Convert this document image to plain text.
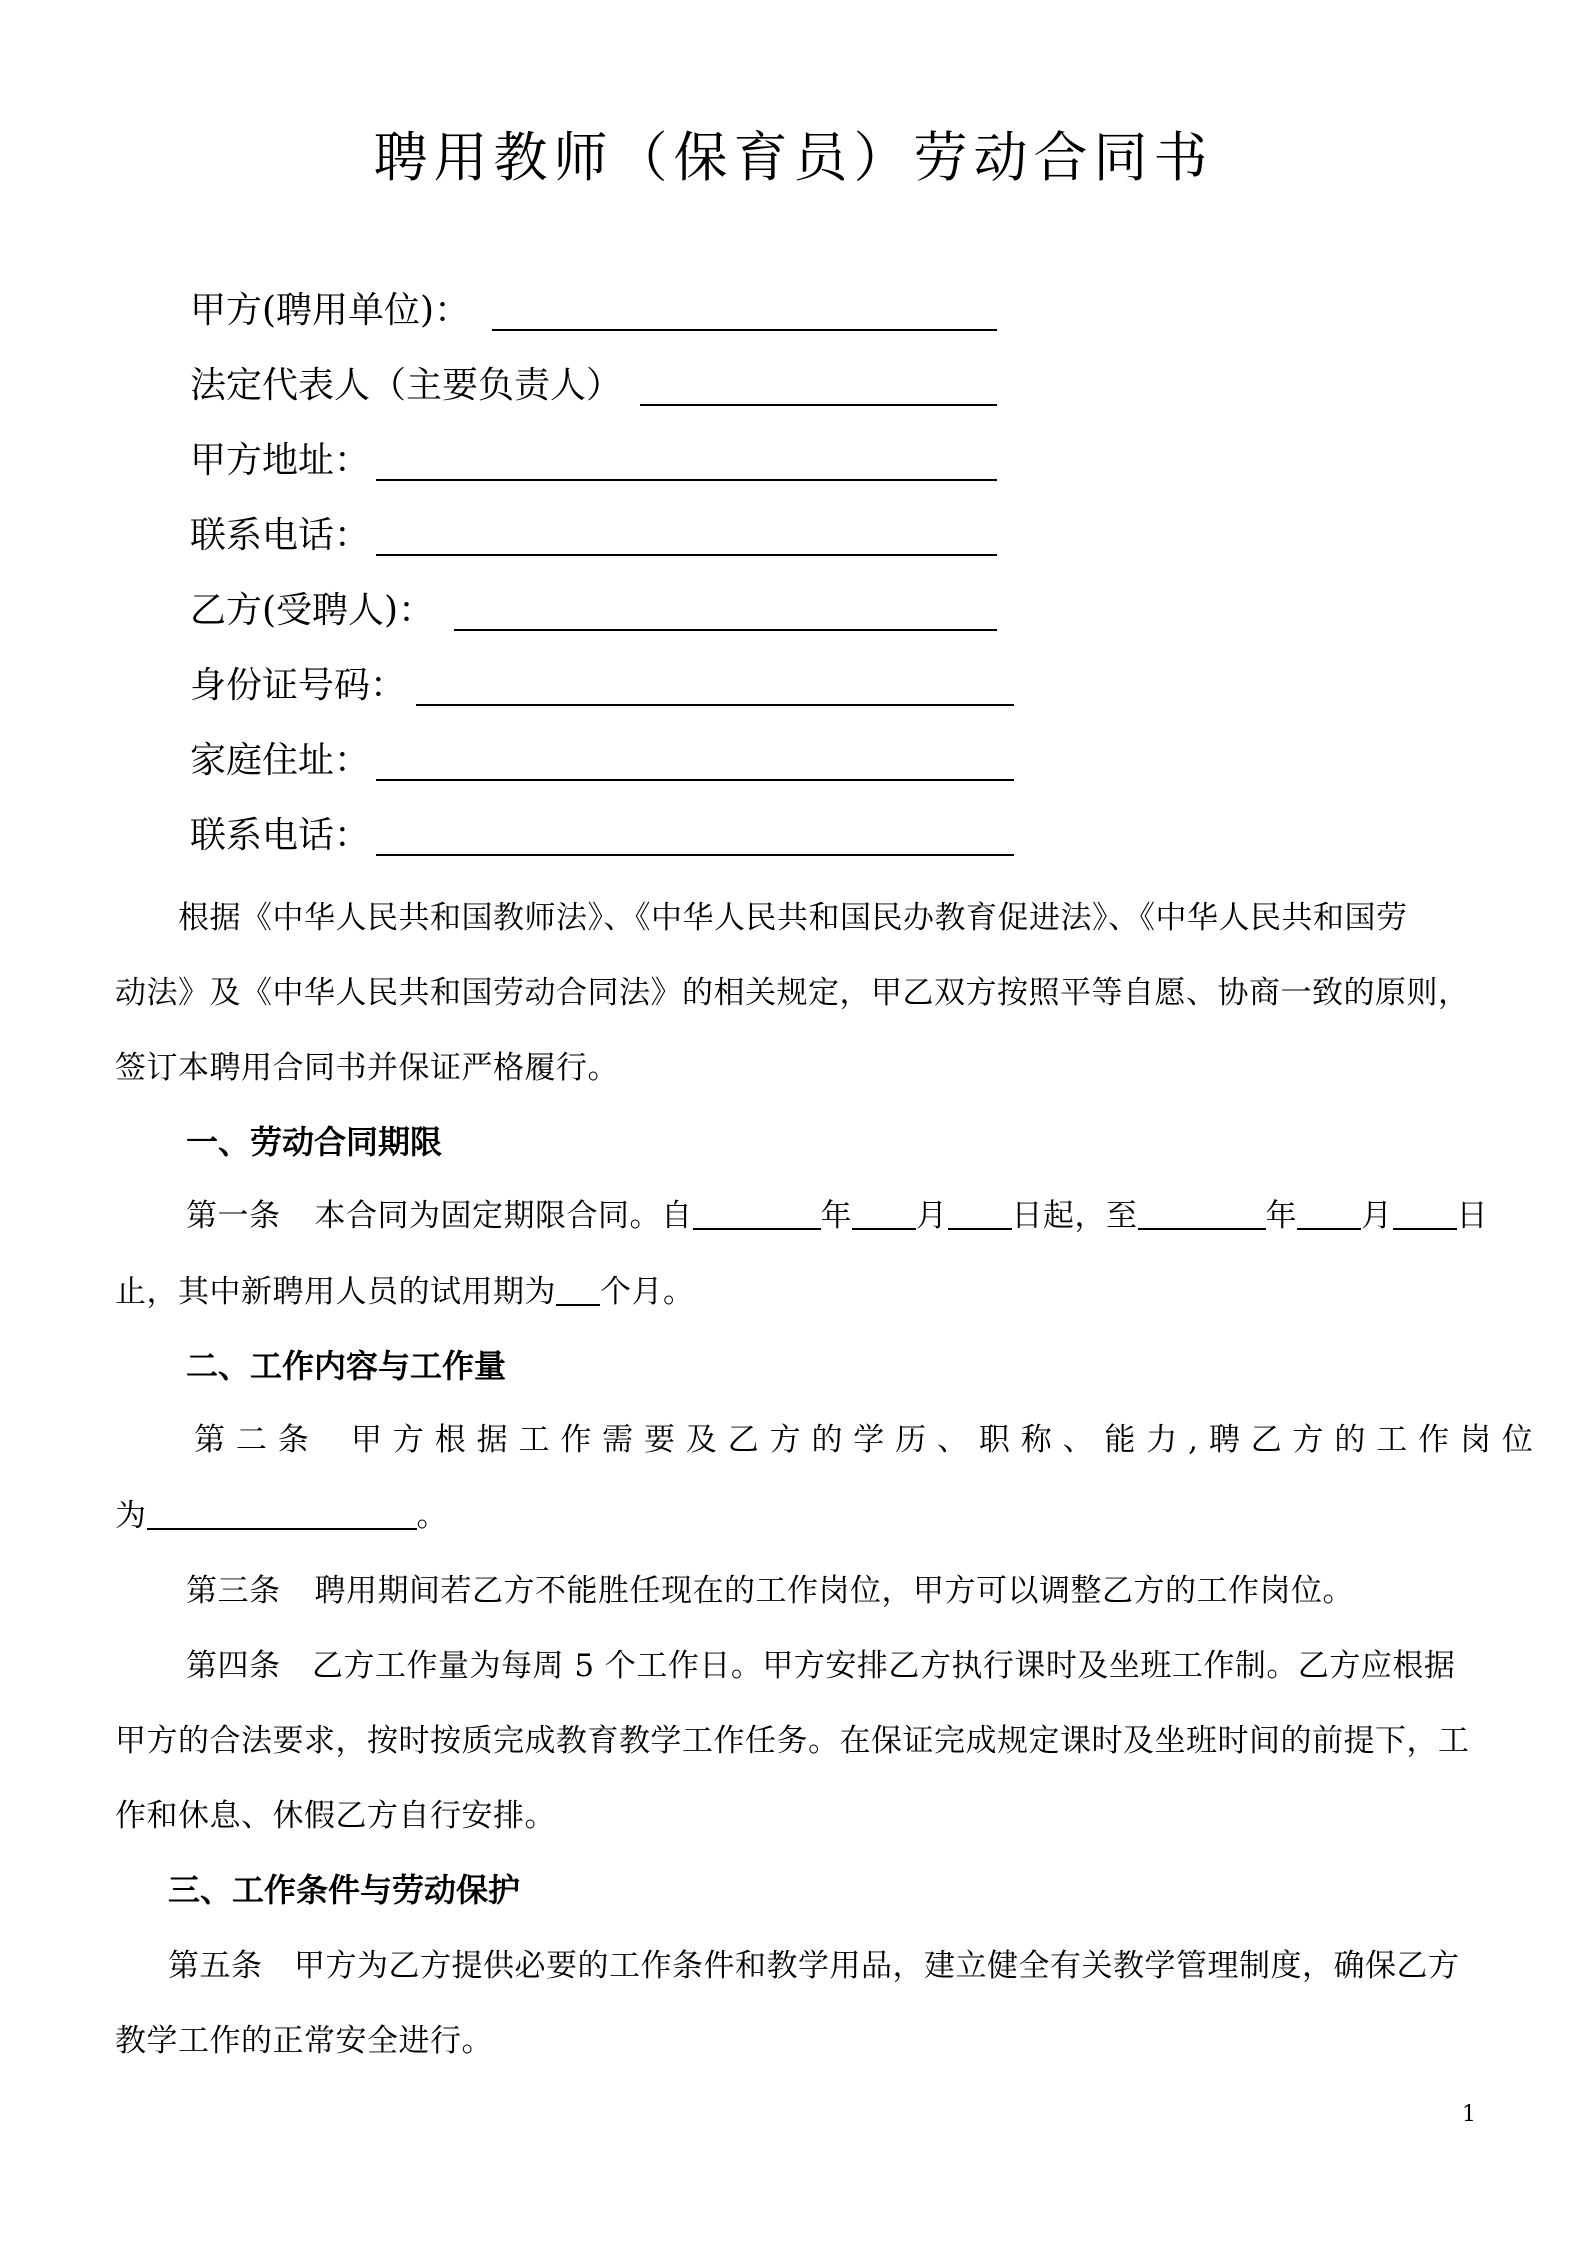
聘用教师（保育员）劳动合同书
甲方(聘用单位)：
法定代表人（主要负责人）
甲方地址：
联系电话：
乙方(受聘人)：
身份证号码：
家庭住址：
联系电话：
根据《中华人民共和国教师法》、《中华人民共和国民办教育促进法》、《中华人民共和国劳
动法》及《中华人民共和国劳动合同法》的相关规定，甲乙双方按照平等自愿、协商一致的原则，
签订本聘用合同书并保证严格履行。
一、劳动合同期限
第一条 本合同为固定期限合同。自	年 月 日起，至	年 月 日
止，其中新聘用人员的试用期为 个月。
二、工作内容与工作量
第 二 条　 甲 方 根 据 工 作 需 要 及 乙 方 的 学 历 、 职 称 、 能 力 , 聘 乙 方 的 工 作 岗 位
为	。
第三条 聘用期间若乙方不能胜任现在的工作岗位，甲方可以调整乙方的工作岗位。
第四条　乙方工作量为每周 5 个工作日。甲方安排乙方执行课时及坐班工作制。乙方应根据
甲方的合法要求，按时按质完成教育教学工作任务。在保证完成规定课时及坐班时间的前提下，工
作和休息、休假乙方自行安排。
三、工作条件与劳动保护
第五条　甲方为乙方提供必要的工作条件和教学用品，建立健全有关教学管理制度，确保乙方
教学工作的正常安全进行。
1
